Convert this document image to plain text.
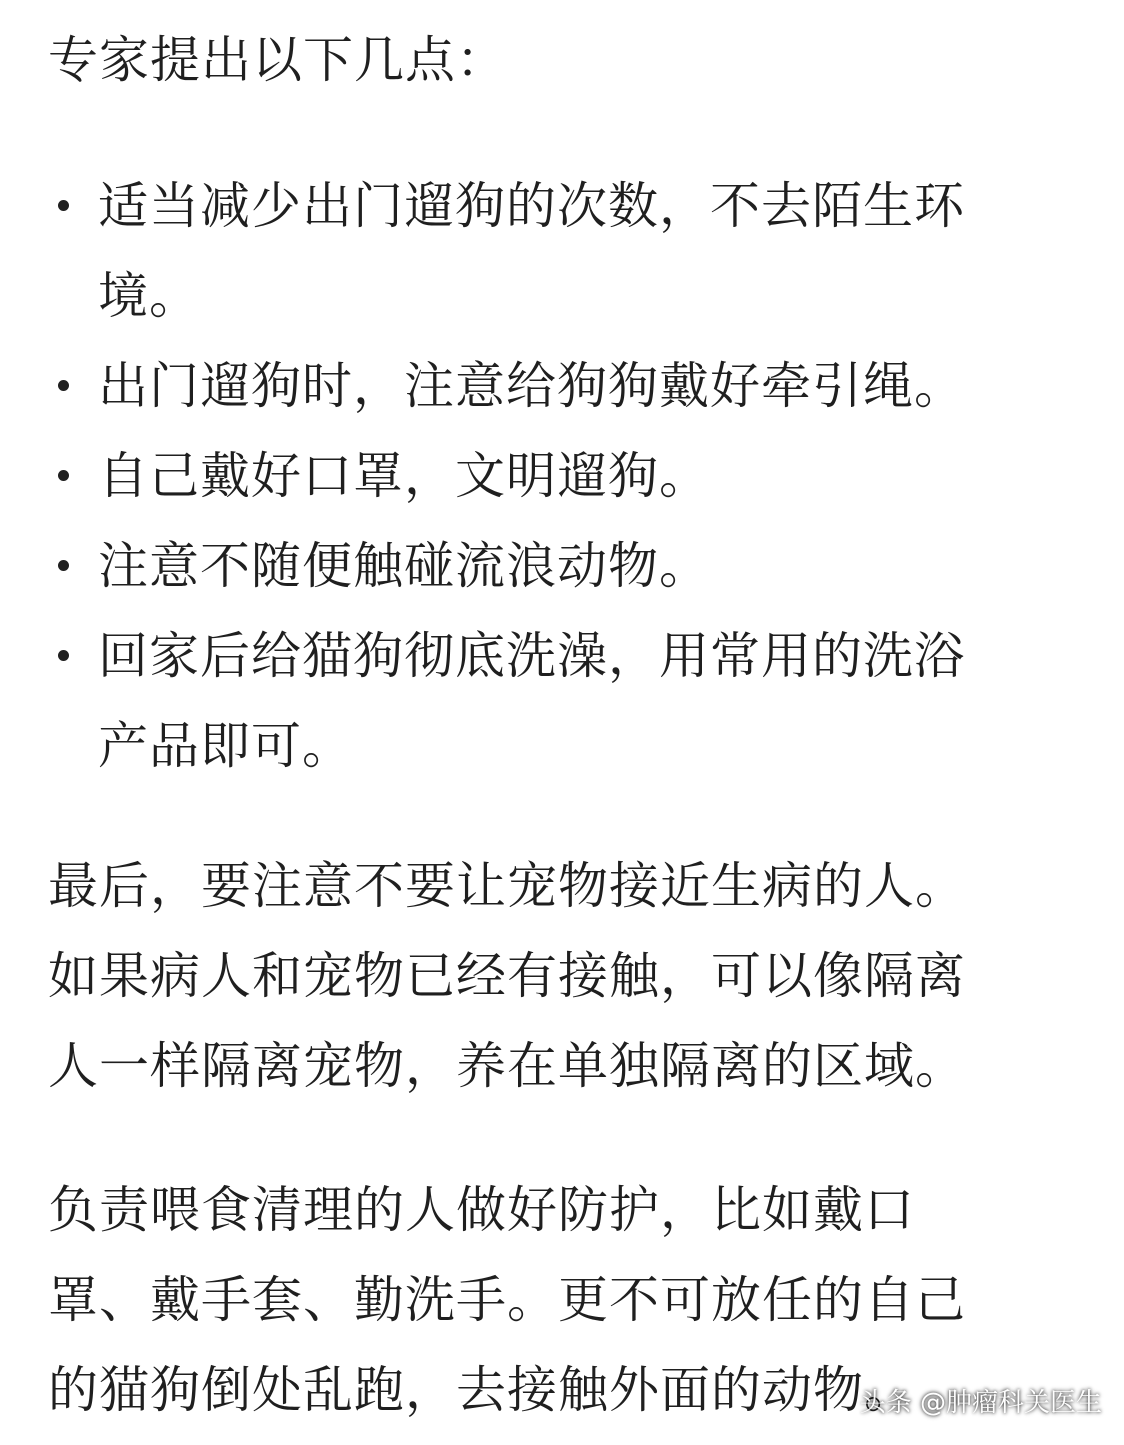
专家提出以下几点：
适当减少出门遛狗的次数，不去陌生环
境。
出门遛狗时，注意给狗狗戴好牵引绳。
自己戴好口罩，文明遛狗。
注意不随便触碰流浪动物。
回家后给猫狗彻底洗澡，用常用的洗浴
产品即可。
最后，要注意不要让宠物接近生病的人。
如果病人和宠物已经有接触，可以像隔离
人一样隔离宠物，养在单独隔离的区域。
负责喂食清理的人做好防护，比如戴口
罩、戴手套、勤洗手。更不可放任的自己
的猫狗倒处乱跑，去接触外面的动物。
头条 @肿瘤科关医生
